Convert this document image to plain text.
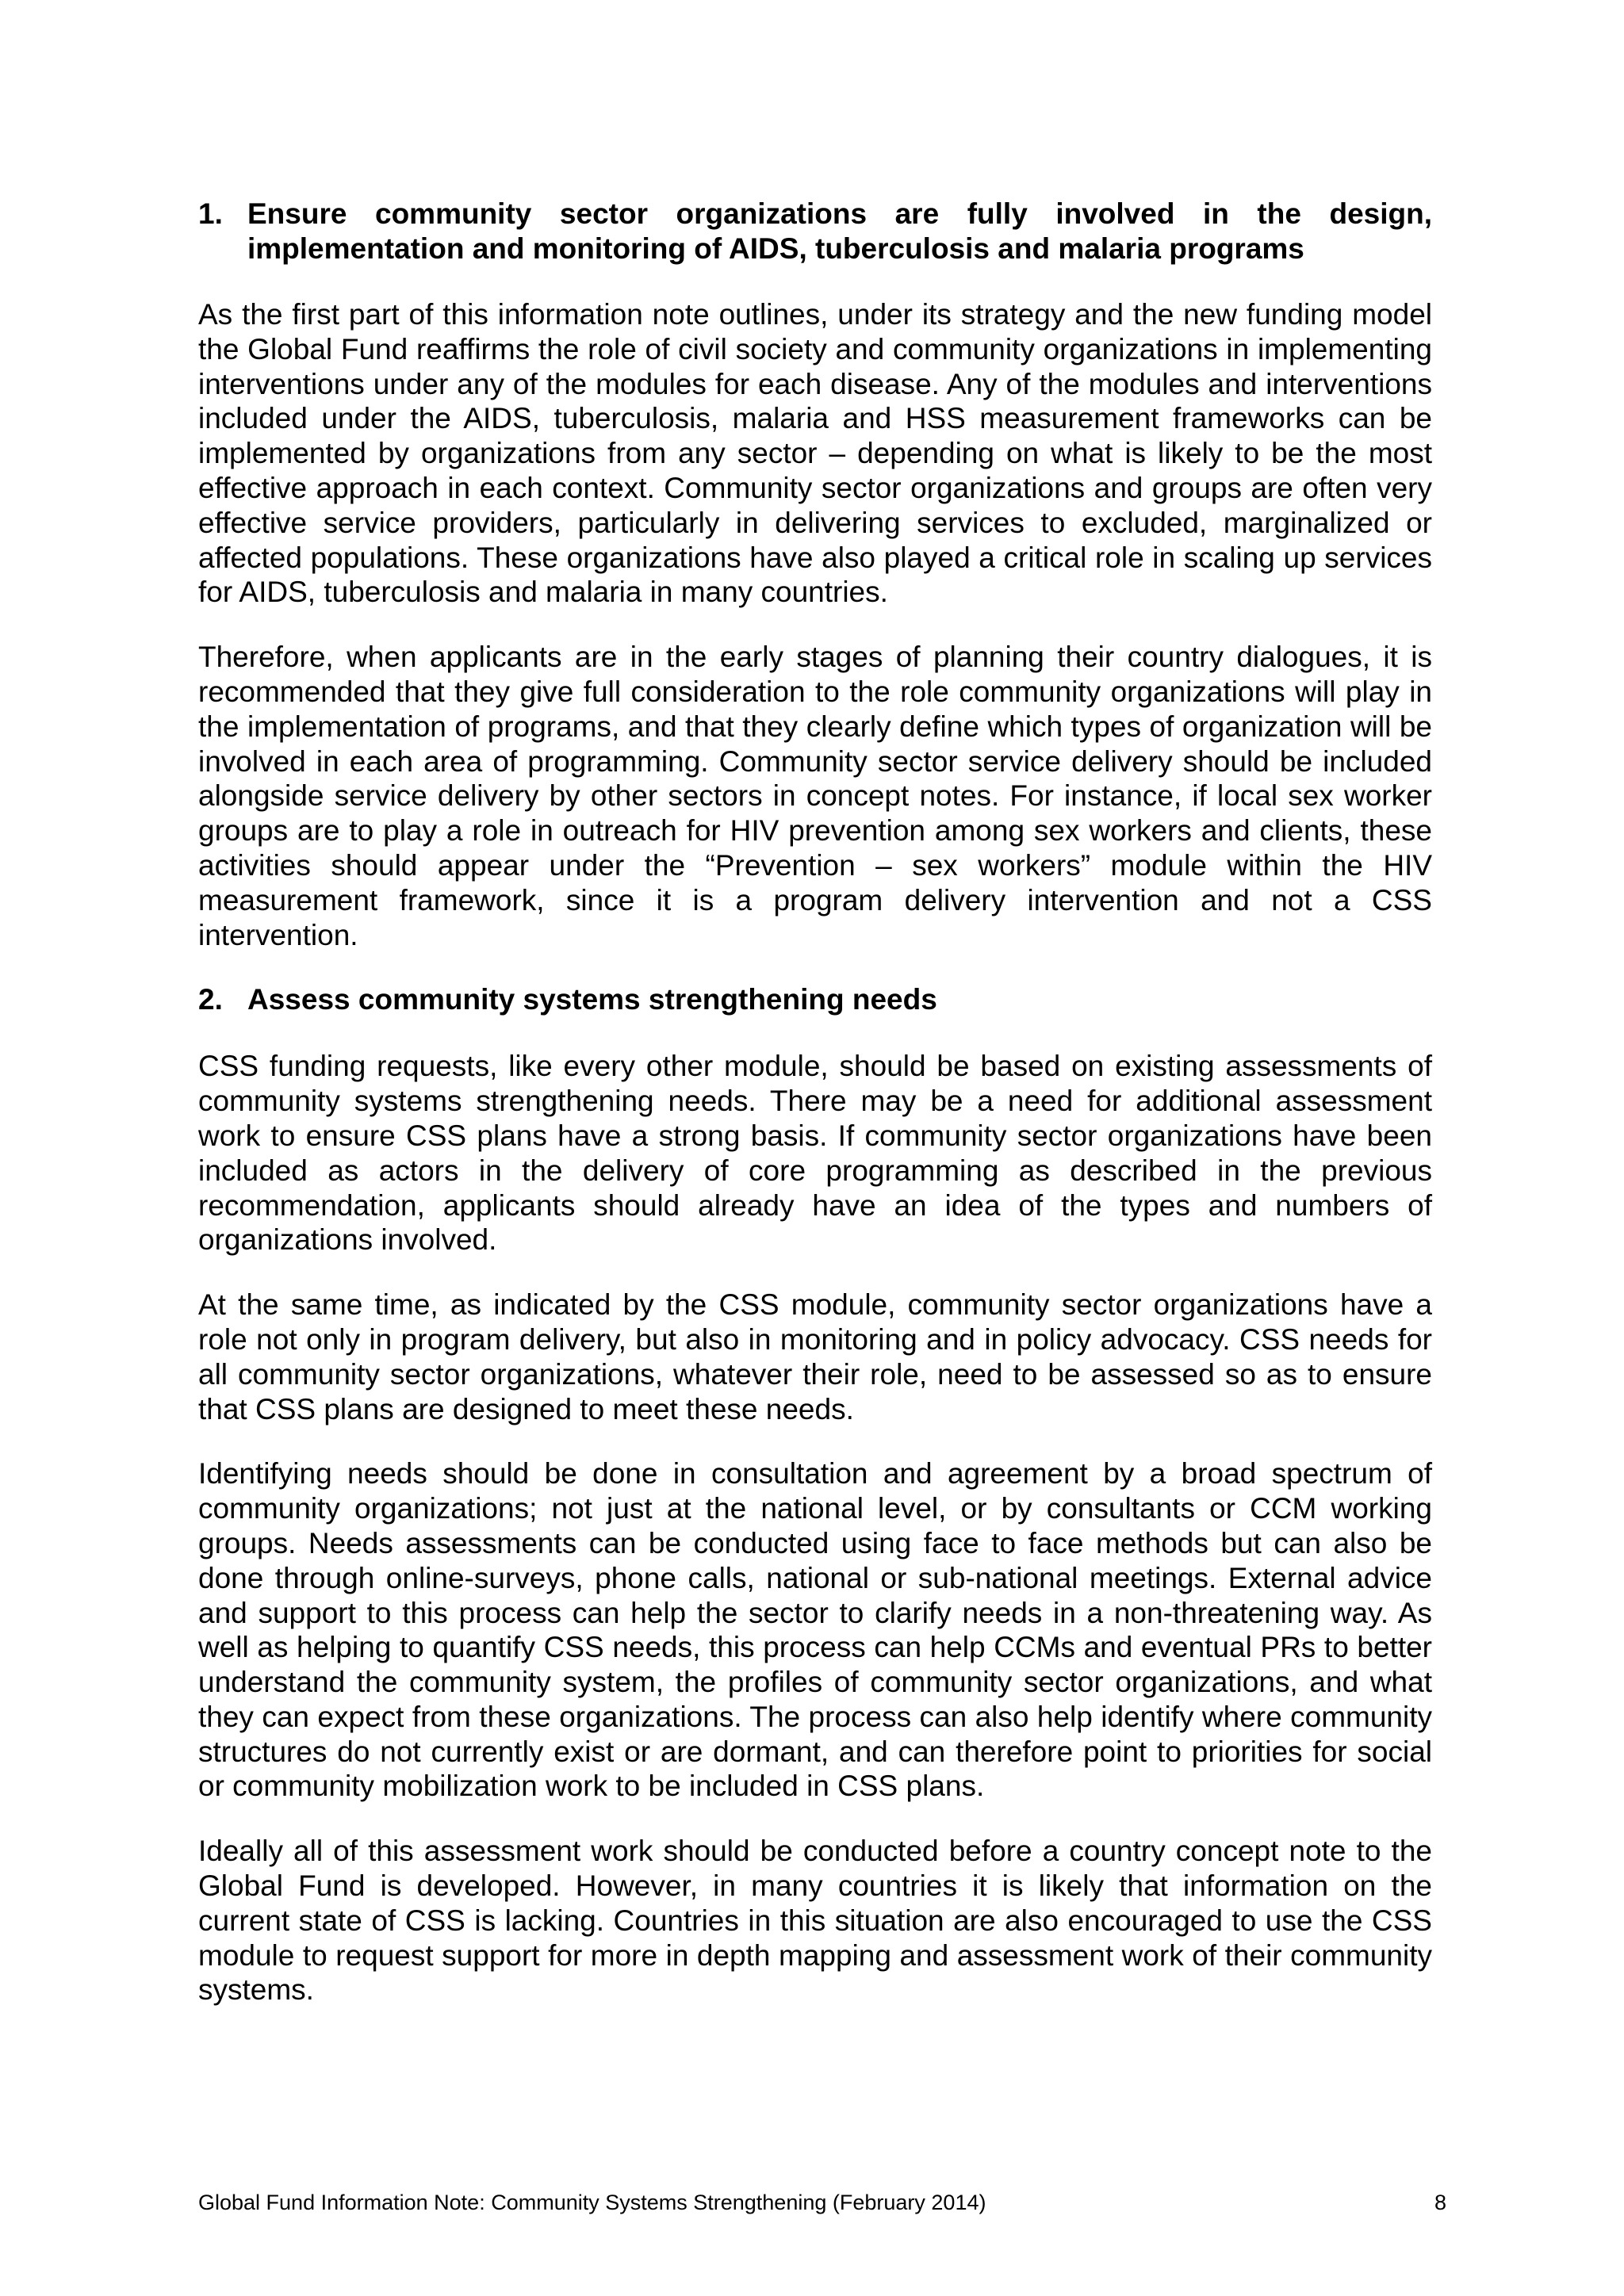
1. Ensure community sector organizations are fully involved in the design, implementation and monitoring of AIDS, tuberculosis and malaria programs

As the first part of this information note outlines, under its strategy and the new funding model the Global Fund reaffirms the role of civil society and community organizations in implementing interventions under any of the modules for each disease. Any of the modules and interventions included under the AIDS, tuberculosis, malaria and HSS measurement frameworks can be implemented by organizations from any sector – depending on what is likely to be the most effective approach in each context. Community sector organizations and groups are often very effective service providers, particularly in delivering services to excluded, marginalized or affected populations. These organizations have also played a critical role in scaling up services for AIDS, tuberculosis and malaria in many countries.

Therefore, when applicants are in the early stages of planning their country dialogues, it is recommended that they give full consideration to the role community organizations will play in the implementation of programs, and that they clearly define which types of organization will be involved in each area of programming. Community sector service delivery should be included alongside service delivery by other sectors in concept notes. For instance, if local sex worker groups are to play a role in outreach for HIV prevention among sex workers and clients, these activities should appear under the “Prevention – sex workers” module within the HIV measurement framework, since it is a program delivery intervention and not a CSS intervention.

2. Assess community systems strengthening needs

CSS funding requests, like every other module, should be based on existing assessments of community systems strengthening needs. There may be a need for additional assessment work to ensure CSS plans have a strong basis. If community sector organizations have been included as actors in the delivery of core programming as described in the previous recommendation, applicants should already have an idea of the types and numbers of organizations involved.

At the same time, as indicated by the CSS module, community sector organizations have a role not only in program delivery, but also in monitoring and in policy advocacy. CSS needs for all community sector organizations, whatever their role, need to be assessed so as to ensure that CSS plans are designed to meet these needs.

Identifying needs should be done in consultation and agreement by a broad spectrum of community organizations; not just at the national level, or by consultants or CCM working groups. Needs assessments can be conducted using face to face methods but can also be done through online-surveys, phone calls, national or sub-national meetings. External advice and support to this process can help the sector to clarify needs in a non-threatening way. As well as helping to quantify CSS needs, this process can help CCMs and eventual PRs to better understand the community system, the profiles of community sector organizations, and what they can expect from these organizations. The process can also help identify where community structures do not currently exist or are dormant, and can therefore point to priorities for social or community mobilization work to be included in CSS plans.

Ideally all of this assessment work should be conducted before a country concept note to the Global Fund is developed. However, in many countries it is likely that information on the current state of CSS is lacking. Countries in this situation are also encouraged to use the CSS module to request support for more in depth mapping and assessment work of their community systems.

Global Fund Information Note: Community Systems Strengthening (February 2014)	8
